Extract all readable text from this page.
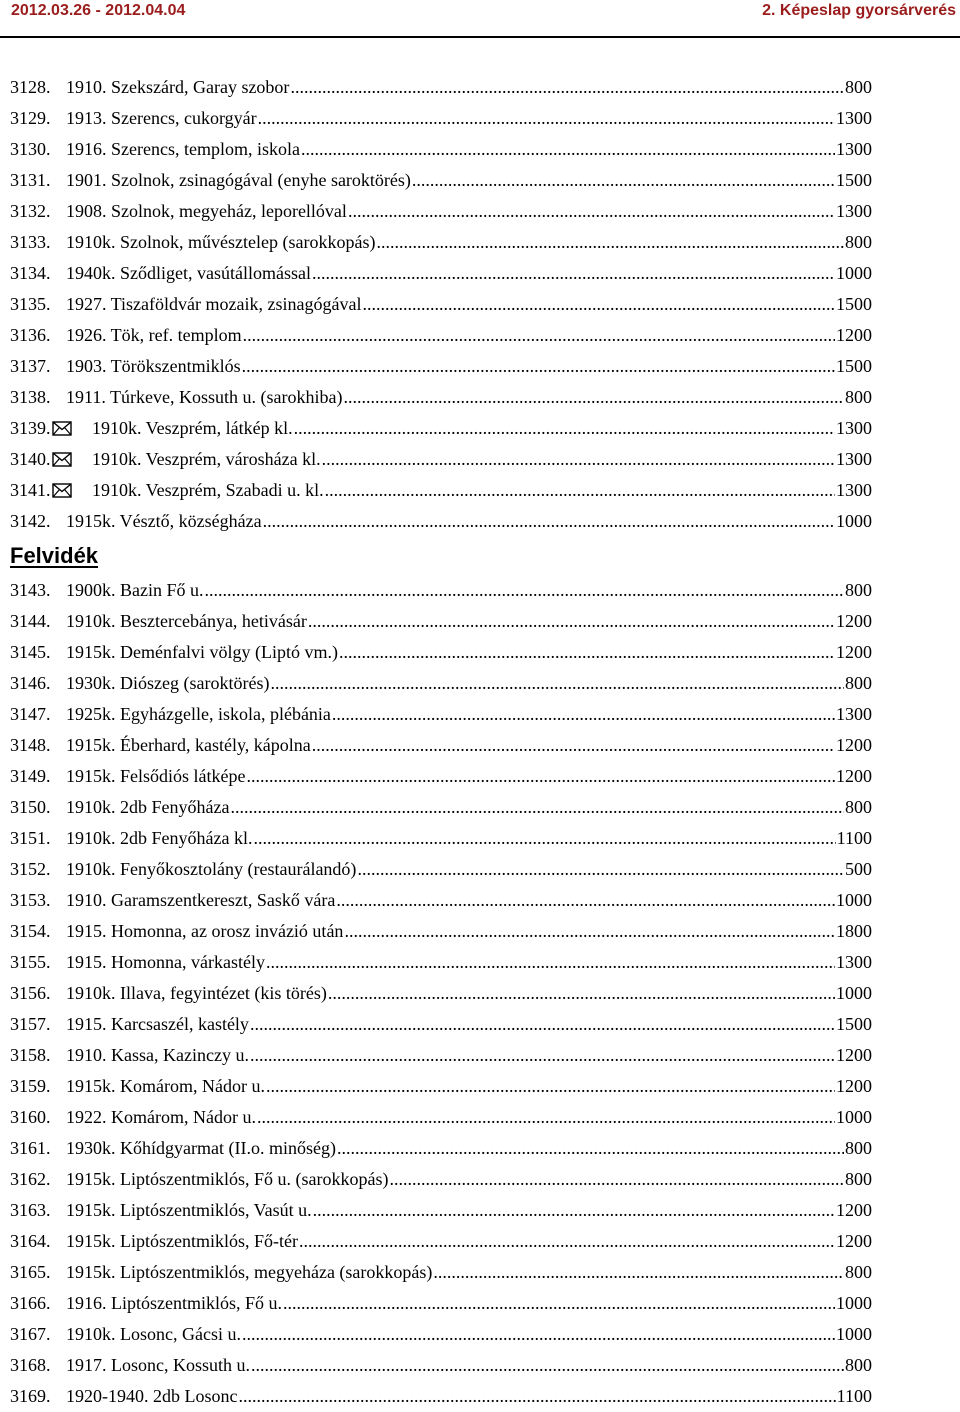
2012.03.26 - 2012.04.04	2. Képeslap gyorsárverés
3128. 1910. Szekszárd, Garay szobor .....	800
3129. 1913. Szerencs, cukorgyár .....	1300
3130. 1916. Szerencs, templom, iskola .....	1300
3131. 1901. Szolnok, zsinagógával (enyhe saroktörés) .....	1500
3132. 1908. Szolnok, megyeház, leporellóval .....	1300
3133. 1910k. Szolnok, művésztelep (sarokkopás) .....	800
3134. 1940k. Sződliget, vasútállomással .....	1000
3135. 1927. Tiszaföldvár mozaik, zsinagógával .....	1500
3136. 1926. Tök, ref. templom .....	1200
3137. 1903. Törökszentmiklós .....	1500
3138. 1911. Túrkeve, Kossuth u. (sarokhiba) .....	800
3139. 1910k. Veszprém, látkép kl. .....	1300
3140. 1910k. Veszprém, városháza kl. .....	1300
3141. 1910k. Veszprém, Szabadi u. kl. .....	1300
3142. 1915k. Vésztő, községháza .....	1000
Felvidék
3143. 1900k. Bazin Fő u. .....	800
3144. 1910k. Besztercebánya, hetivásár .....	1200
3145. 1915k. Deménfalvi völgy (Liptó vm.) .....	1200
3146. 1930k. Diószeg (saroktörés) .....	800
3147. 1925k. Egyházgelle, iskola, plébánia .....	1300
3148. 1915k. Éberhard, kastély, kápolna .....	1200
3149. 1915k. Felsődiós látképe .....	1200
3150. 1910k. 2db Fenyőháza .....	800
3151. 1910k. 2db Fenyőháza kl. .....	1100
3152. 1910k. Fenyőkosztolány (restaurálandó) .....	500
3153. 1910. Garamszentkereszt, Saskő vára .....	1000
3154. 1915. Homonna, az orosz invázió után .....	1800
3155. 1915. Homonna, várkastély .....	1300
3156. 1910k. Illava, fegyintézet (kis törés) .....	1000
3157. 1915. Karcsaszél, kastély .....	1500
3158. 1910. Kassa, Kazinczy u. .....	1200
3159. 1915k. Komárom, Nádor u. .....	1200
3160. 1922. Komárom, Nádor u. .....	1000
3161. 1930k. Kőhídgyarmat (II.o. minőség) .....	800
3162. 1915k. Liptószentmiklós, Fő u. (sarokkopás) .....	800
3163. 1915k. Liptószentmiklós, Vasút u. .....	1200
3164. 1915k. Liptószentmiklós, Fő-tér .....	1200
3165. 1915k. Liptószentmiklós, megyeháza (sarokkopás) .....	800
3166. 1916. Liptószentmiklós, Fő u. .....	1000
3167. 1910k. Losonc, Gácsi u. .....	1000
3168. 1917. Losonc, Kossuth u. .....	800
3169. 1920-1940. 2db Losonc .....	1100
